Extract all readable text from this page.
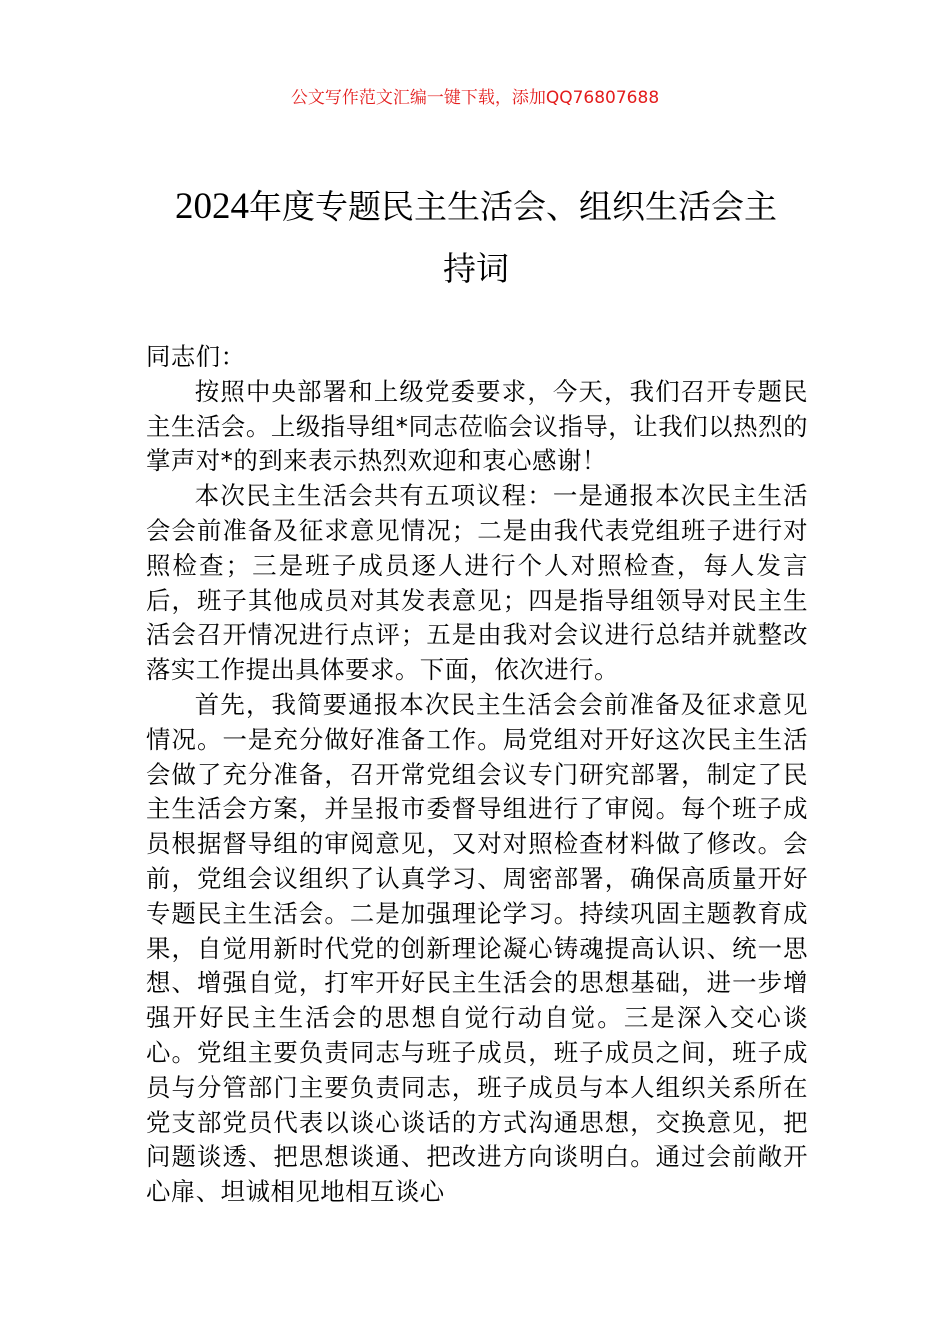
公文写作范文汇编一键下载，添加QQ76807688
2024年度专题民主生活会、组织生活会主
持词

同志们：

按照中央部署和上级党委要求，今天，我们召开专题民主生活会。上级指导组*同志莅临会议指导，让我们以热烈的掌声对*的到来表示热烈欢迎和衷心感谢！

本次民主生活会共有五项议程：一是通报本次民主生活会会前准备及征求意见情况；二是由我代表党组班子进行对照检查；三是班子成员逐人进行个人对照检查，每人发言后，班子其他成员对其发表意见；四是指导组领导对民主生活会召开情况进行点评；五是由我对会议进行总结并就整改落实工作提出具体要求。下面，依次进行。

首先，我简要通报本次民主生活会会前准备及征求意见情况。一是充分做好准备工作。局党组对开好这次民主生活会做了充分准备，召开常党组会议专门研究部署，制定了民主生活会方案，并呈报市委督导组进行了审阅。每个班子成员根据督导组的审阅意见，又对对照检查材料做了修改。会前，党组会议组织了认真学习、周密部署，确保高质量开好专题民主生活会。二是加强理论学习。持续巩固主题教育成果，自觉用新时代党的创新理论凝心铸魂提高认识、统一思想、增强自觉，打牢开好民主生活会的思想基础，进一步增强开好民主生活会的思想自觉行动自觉。三是深入交心谈心。党组主要负责同志与班子成员，班子成员之间，班子成员与分管部门主要负责同志，班子成员与本人组织关系所在党支部党员代表以谈心谈话的方式沟通思想，交换意见，把问题谈透、把思想谈通、把改进方向谈明白。通过会前敞开心扉、坦诚相见地相互谈心
